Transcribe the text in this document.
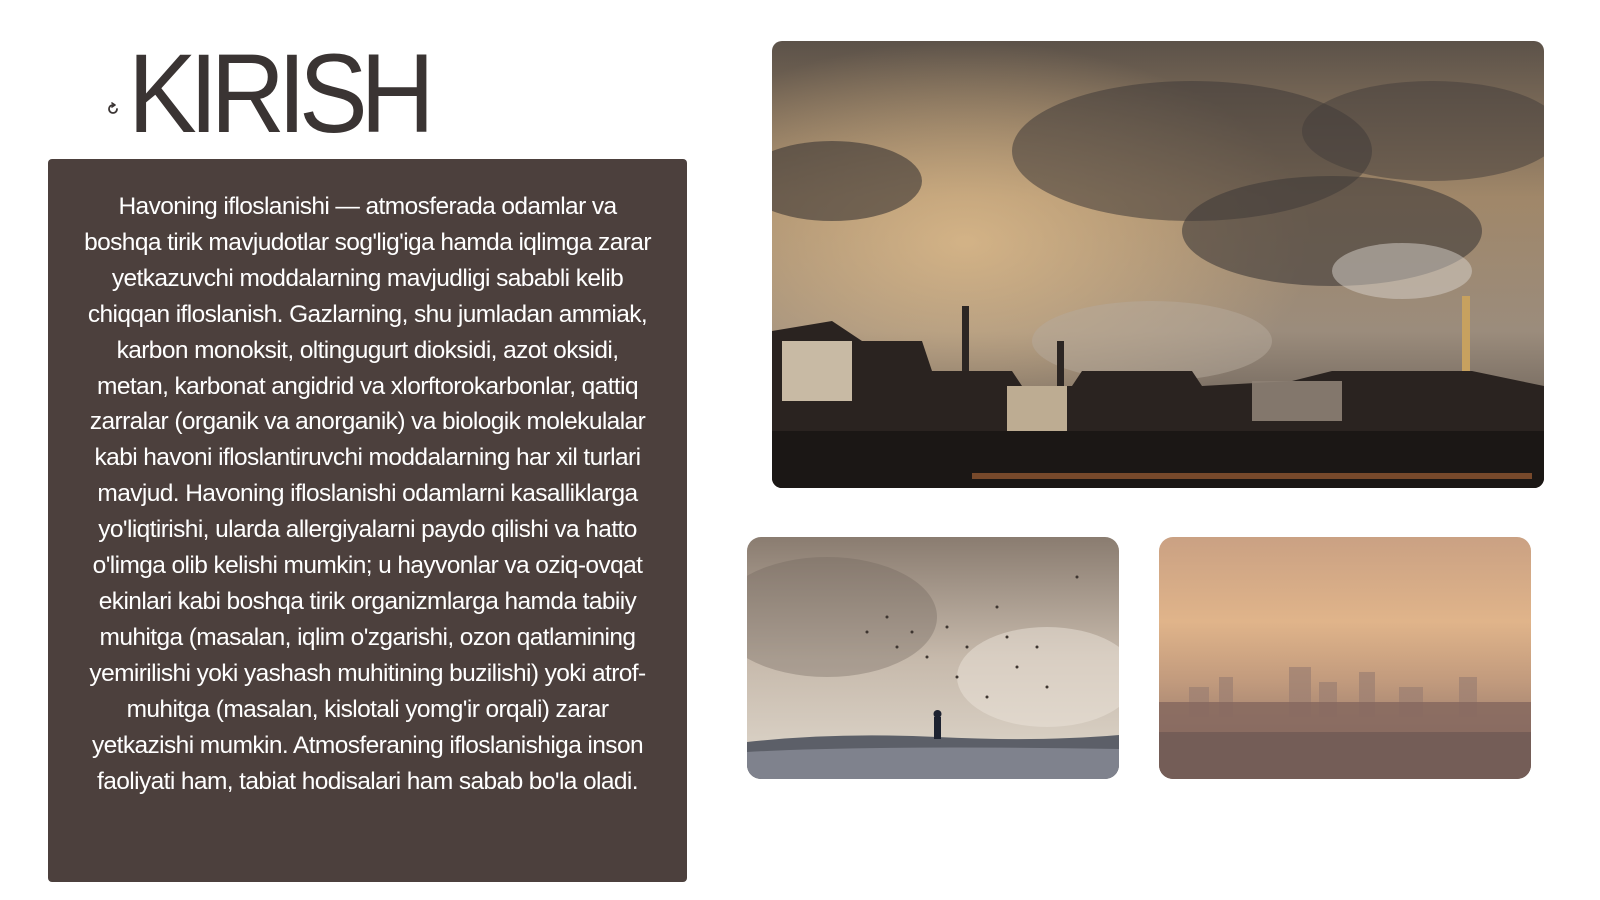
KIRISH

Havoning ifloslanishi — atmosferada odamlar va boshqa tirik mavjudotlar sog'lig'iga hamda iqlimga zarar yetkazuvchi moddalarning mavjudligi sababli kelib chiqqan ifloslanish. Gazlarning, shu jumladan ammiak, karbon monoksit, oltingugurt dioksidi, azot oksidi, metan, karbonat angidrid va xlorftorokarbonlar, qattiq zarralar (organik va anorganik) va biologik molekulalar kabi havoni ifloslantiruvchi moddalarning har xil turlari mavjud. Havoning ifloslanishi odamlarni kasalliklarga yo'liqtirishi, ularda allergiyalarni paydo qilishi va hatto o'limga olib kelishi mumkin; u hayvonlar va oziq-ovqat ekinlari kabi boshqa tirik organizmlarga hamda tabiiy muhitga (masalan, iqlim o'zgarishi, ozon qatlamining yemirilishi yoki yashash muhitining buzilishi) yoki atrof-muhitga (masalan, kislotali yomg'ir orqali) zarar yetkazishi mumkin. Atmosferaning ifloslanishiga inson faoliyati ham, tabiat hodisalari ham sabab bo'la oladi.
